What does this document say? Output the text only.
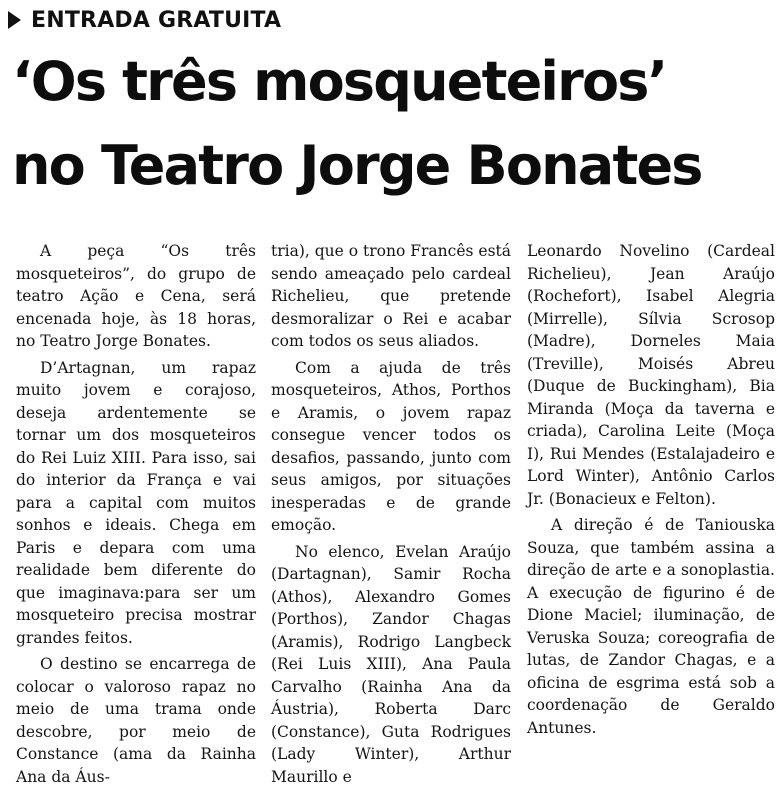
ENTRADA GRATUITA
‘Os três mosqueteiros’
no Teatro Jorge Bonates

A peça “Os três mosqueteiros”, do grupo de teatro Ação e Cena, será encenada hoje, às 18 horas, no Teatro Jorge Bonates.

D’Artagnan, um rapaz muito jovem e corajoso, deseja ardentemente se tornar um dos mosqueteiros do Rei Luiz XIII. Para isso, sai do interior da França e vai para a capital com muitos sonhos e ideais. Chega em Paris e depara com uma realidade bem diferente do que imaginava:para ser um mosqueteiro precisa mostrar grandes feitos.

O destino se encarrega de colocar o valoroso rapaz no meio de uma trama onde descobre, por meio de Constance (ama da Rainha Ana da Áus-

tria), que o trono Francês está sendo ameaçado pelo cardeal Richelieu, que pretende desmoralizar o Rei e acabar com todos os seus aliados.

Com a ajuda de três mosqueteiros, Athos, Porthos e Aramis, o jovem rapaz consegue vencer todos os desafios, passando, junto com seus amigos, por situações inesperadas e de grande emoção.

No elenco, Evelan Araújo (Dartagnan), Samir Rocha (Athos), Alexandro Gomes (Porthos), Zandor Chagas (Aramis), Rodrigo Langbeck (Rei Luis XIII), Ana Paula Carvalho (Rainha Ana da Áustria), Roberta Darc (Constance), Guta Rodrigues (Lady Winter), Arthur Maurillo e

Leonardo Novelino (Cardeal Richelieu), Jean Araújo (Rochefort), Isabel Alegria (Mirrelle), Sílvia Scrosop (Madre), Dorneles Maia (Treville), Moisés Abreu (Duque de Buckingham), Bia Miranda (Moça da taverna e criada), Carolina Leite (Moça I), Rui Mendes (Estalajadeiro e Lord Winter), Antônio Carlos Jr. (Bonacieux e Felton).

A direção é de Taniouska Souza, que também assina a direção de arte e a sonoplastia. A execução de figurino é de Dione Maciel; iluminação, de Veruska Souza; coreografia de lutas, de Zandor Chagas, e a oficina de esgrima está sob a coordenação de Geraldo Antunes.
